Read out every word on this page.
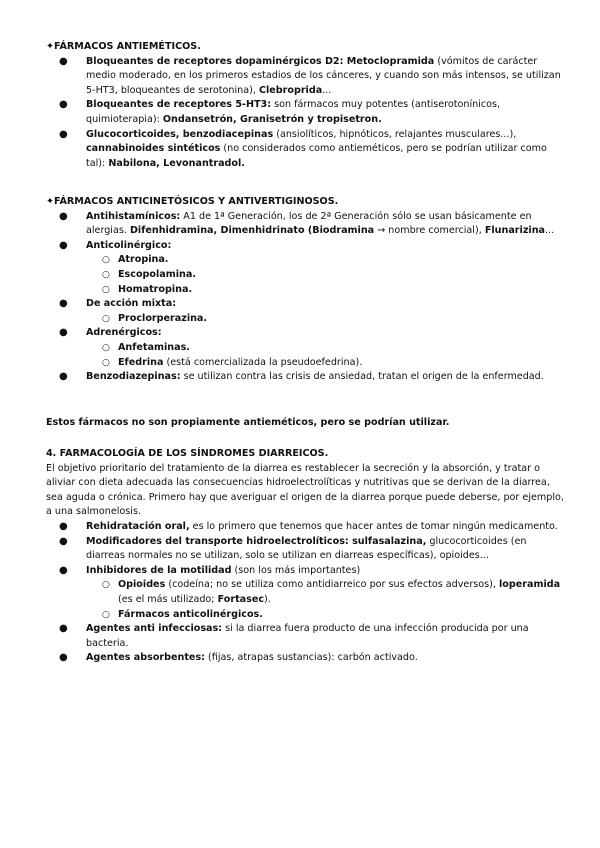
✦FÁRMACOS ANTIEMÉTICOS.

● Bloqueantes de receptores dopaminérgicos D2: Metoclopramida (vómitos de carácter medio moderado, en los primeros estadios de los cánceres, y cuando son más intensos, se utilizan 5-HT3, bloqueantes de serotonina), Clebroprida...
● Bloqueantes de receptores 5-HT3: son fármacos muy potentes (antiserotonínicos, quimioterapia): Ondansetrón, Granisetrón y tropisetron.
● Glucocorticoides, benzodiacepinas (ansiolíticos, hipnóticos, relajantes musculares...), cannabinoides sintéticos (no considerados como antieméticos, pero se podrían utilizar como tal): Nabilona, Levonantradol.

✦FÁRMACOS ANTICINETÓSICOS Y ANTIVERTIGINOSOS.

● Antihistamínicos: A1 de 1ª Generación, los de 2ª Generación sólo se usan básicamente en alergias. Difenhidramina, Dimenhidrinato (Biodramina → nombre comercial), Flunarizina...
● Anticolinérgico:
○ Atropina.
○ Escopolamina.
○ Homatropina.
● De acción mixta:
○ Proclorperazina.
● Adrenérgicos:
○ Anfetaminas.
○ Efedrina (está comercializada la pseudoefedrina).
● Benzodiazepinas: se utilizan contra las crisis de ansiedad, tratan el origen de la enfermedad.

Estos fármacos no son propiamente antieméticos, pero se podrían utilizar.

4. FARMACOLOGÍA DE LOS SÍNDROMES DIARREICOS.

El objetivo prioritario del tratamiento de la diarrea es restablecer la secreción y la absorción, y tratar o aliviar con dieta adecuada las consecuencias hidroelectrolíticas y nutritivas que se derivan de la diarrea, sea aguda o crónica. Primero hay que averiguar el origen de la diarrea porque puede deberse, por ejemplo, a una salmonelosis.

● Rehidratación oral, es lo primero que tenemos que hacer antes de tomar ningún medicamento.
● Modificadores del transporte hidroelectrolíticos: sulfasalazina, glucocorticoides (en diarreas normales no se utilizan, solo se utilizan en diarreas específicas), opioides...
● Inhibidores de la motilidad (son los más importantes)
○ Opioides (codeína; no se utiliza como antidiarreico por sus efectos adversos), loperamida (es el más utilizado; Fortasec).
○ Fármacos anticolinérgicos.
● Agentes anti infecciosas: si la diarrea fuera producto de una infección producida por una bacteria.
● Agentes absorbentes: (fijas, atrapas sustancias): carbón activado.
